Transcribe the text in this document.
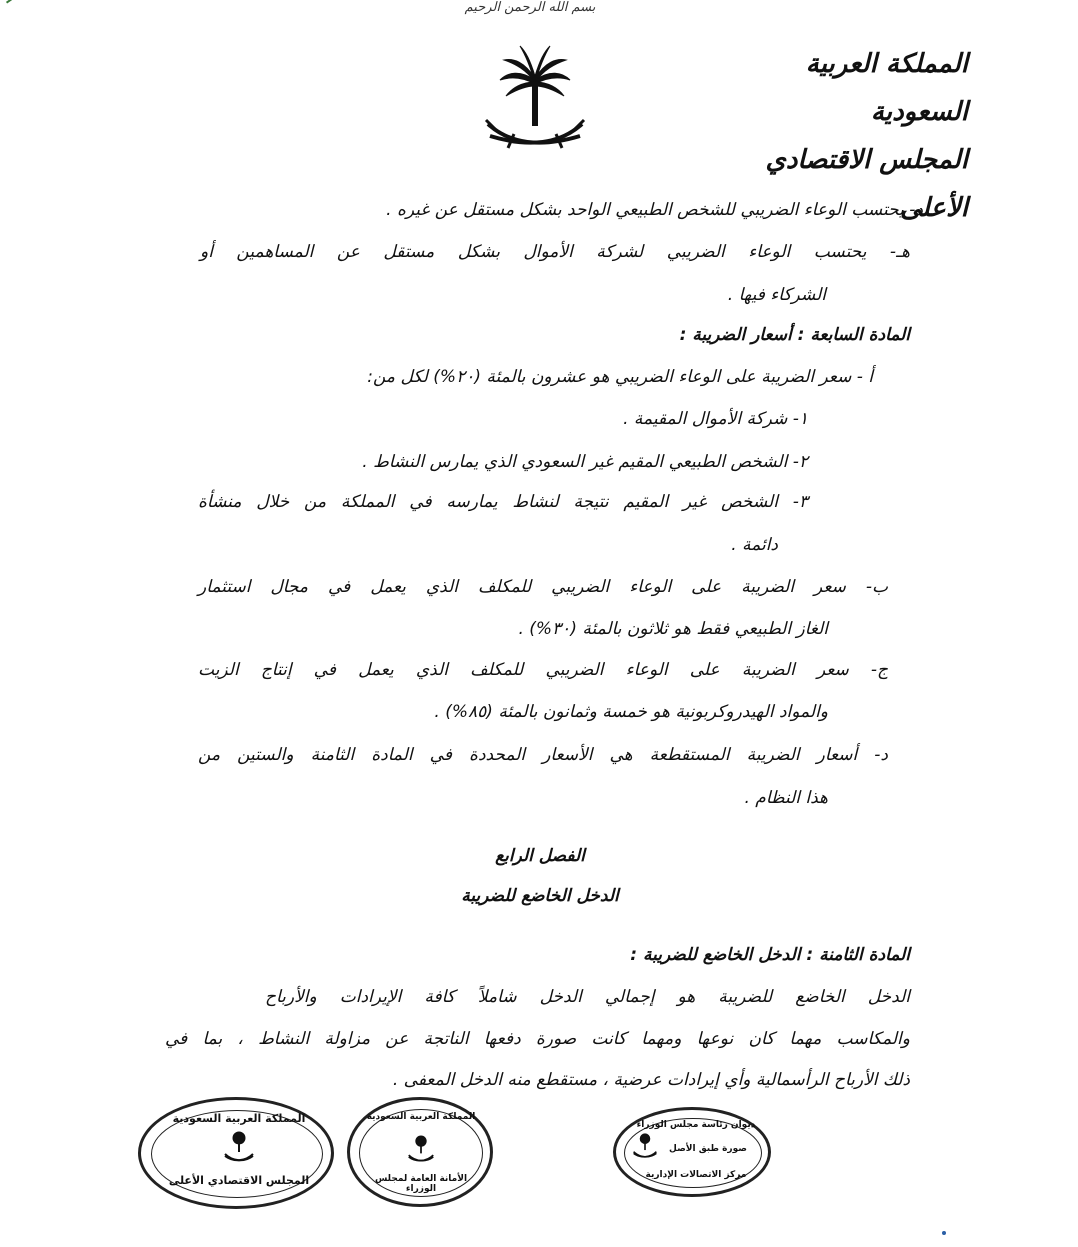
بسم الله الرحمن الرحيم
المملكة العربية السعودية
المجلس الاقتصادي الأعلى
د- يحتسب الوعاء الضريبي للشخص الطبيعي الواحد بشكل مستقل عن غيره .
هـ- يحتسب الوعاء الضريبي لشركة الأموال بشكل مستقل عن المساهمين أو
الشركاء فيها .
المادة السابعة : أسعار الضريبة :
أ - سعر الضريبة على الوعاء الضريبي هو عشرون بالمئة (٢٠%) لكل من:
١- شركة الأموال المقيمة .
٢- الشخص الطبيعي المقيم غير السعودي الذي يمارس النشاط .
٣- الشخص غير المقيم نتيجة لنشاط يمارسه في المملكة من خلال منشأة
دائمة .
ب- سعر الضريبة على الوعاء الضريبي للمكلف الذي يعمل في مجال استثمار
الغاز الطبيعي فقط هو ثلاثون بالمئة (٣٠%) .
ج- سعر الضريبة على الوعاء الضريبي للمكلف الذي يعمل في إنتاج الزيت
والمواد الهيدروكربونية هو خمسة وثمانون بالمئة (٨٥%) .
د- أسعار الضريبة المستقطعة هي الأسعار المحددة في المادة الثامنة والستين من
هذا النظام .
الفصل الرابع
الدخل الخاضع للضريبة
المادة الثامنة : الدخل الخاضع للضريبة :
الدخل الخاضع للضريبة هو إجمالي الدخل شاملاً كافة الإيرادات والأرباح
والمكاسب مهما كان نوعها ومهما كانت صورة دفعها الناتجة عن مزاولة النشاط ، بما في
ذلك الأرباح الرأسمالية وأي إيرادات عرضية ، مستقطع منه الدخل المعفى .
المملكة العربية السعودية
المجلس الاقتصادي الأعلى
المملكة العربية السعودية
الأمانة العامة لمجلس الوزراء
ديوان رئاسة مجلس الوزراء
صورة طبق الأصل
مركز الاتصالات الإدارية
